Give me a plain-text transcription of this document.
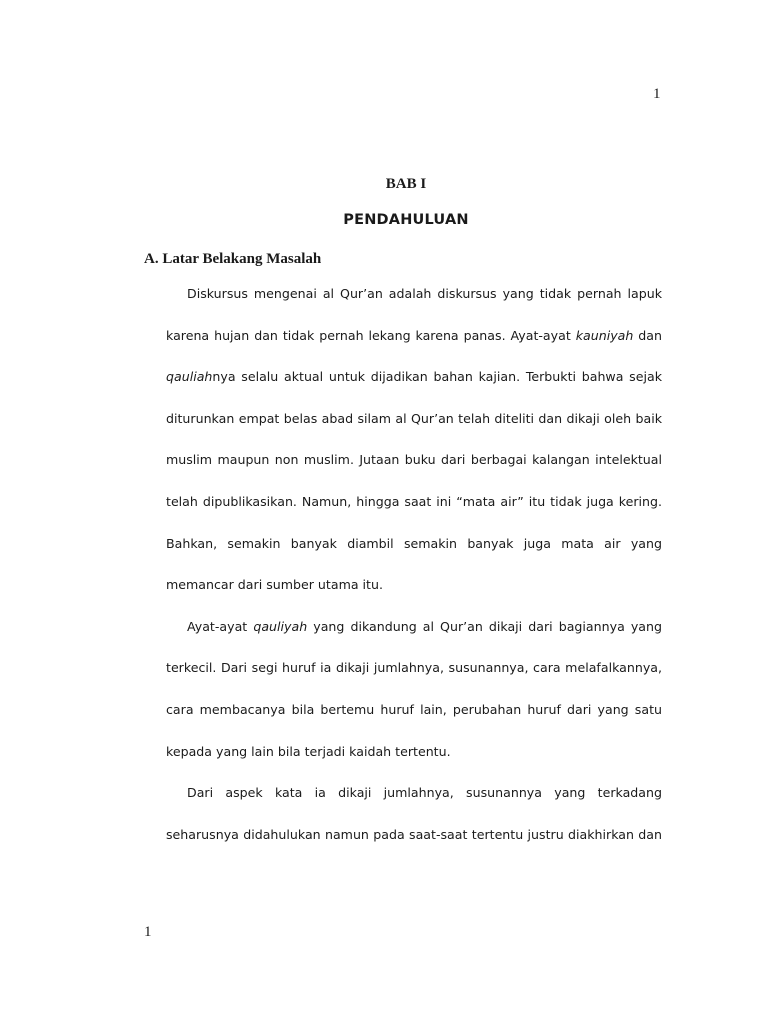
1
BAB I
PENDAHULUAN
A. Latar Belakang Masalah
Diskursus mengenai al Qur’an adalah diskursus yang tidak pernah lapuk
karena hujan dan tidak pernah lekang karena panas. Ayat-ayat kauniyah dan
qauliahnya selalu aktual untuk dijadikan bahan kajian. Terbukti bahwa sejak
diturunkan empat belas abad silam al Qur’an telah diteliti dan dikaji oleh baik
muslim maupun non muslim. Jutaan buku dari berbagai kalangan intelektual
telah dipublikasikan. Namun, hingga saat ini “mata air” itu tidak juga kering.
Bahkan, semakin banyak diambil semakin banyak juga mata air yang
memancar dari sumber utama itu.
Ayat-ayat qauliyah yang dikandung al Qur’an dikaji dari bagiannya yang
terkecil. Dari segi huruf ia dikaji jumlahnya, susunannya, cara melafalkannya,
cara membacanya bila bertemu huruf lain, perubahan huruf dari yang satu
kepada yang lain bila terjadi kaidah tertentu.
Dari aspek kata ia dikaji jumlahnya, susunannya yang terkadang
seharusnya didahulukan namun pada saat-saat tertentu justru diakhirkan dan
1
